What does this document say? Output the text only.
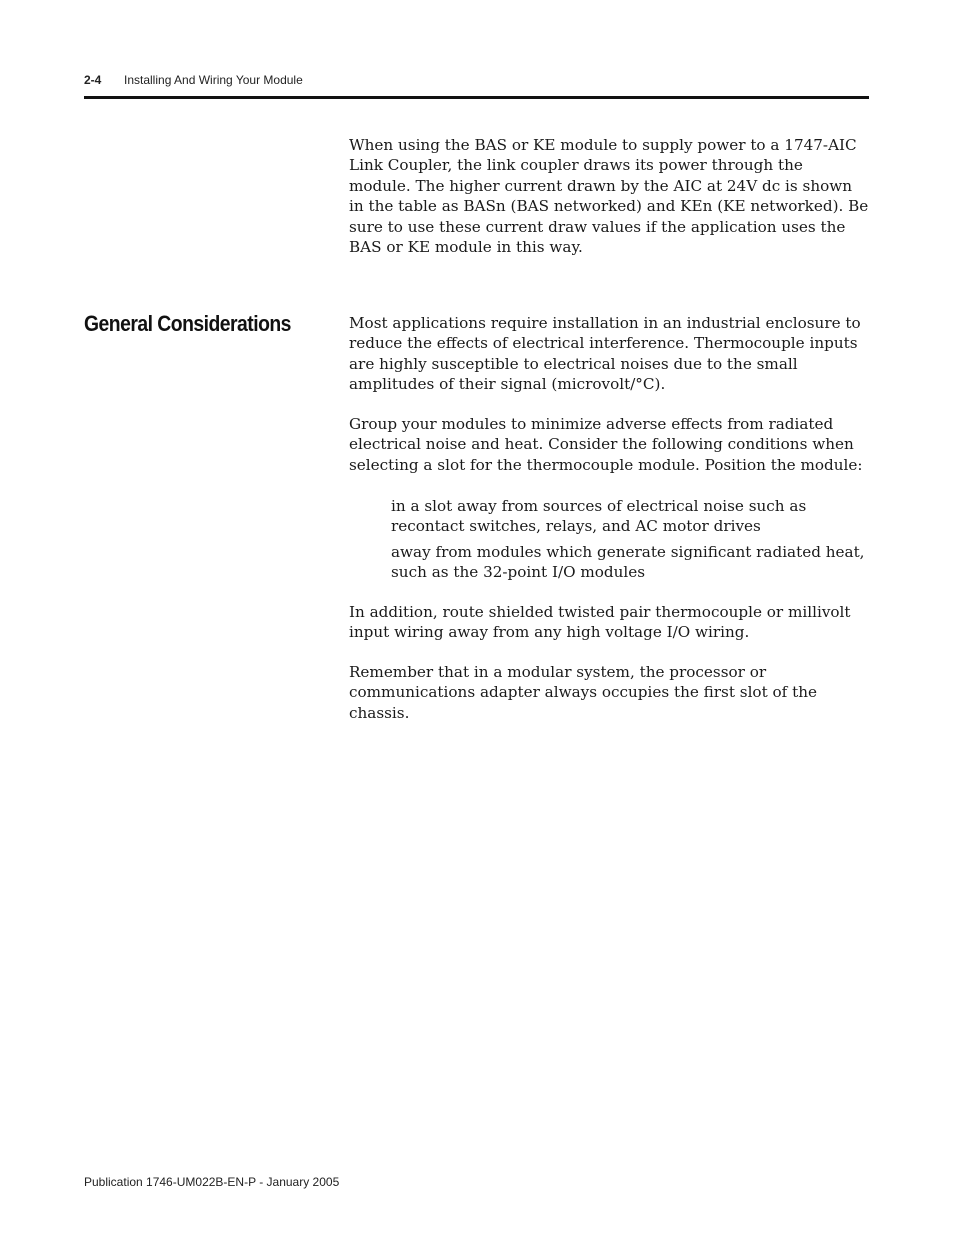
2-4 Installing And Wiring Your Module

When using the BAS or KE module to supply power to a 1747-AIC Link Coupler, the link coupler draws its power through the module. The higher current drawn by the AIC at 24V dc is shown in the table as BASn (BAS networked) and KEn (KE networked). Be sure to use these current draw values if the application uses the BAS or KE module in this way.

General Considerations	Most applications require installation in an industrial enclosure to reduce the effects of electrical interference. Thermocouple inputs are highly susceptible to electrical noises due to the small amplitudes of their signal (microvolt/°C).

Group your modules to minimize adverse effects from radiated electrical noise and heat. Consider the following conditions when selecting a slot for the thermocouple module. Position the module:

in a slot away from sources of electrical noise such as recontact switches, relays, and AC motor drives

away from modules which generate significant radiated heat, such as the 32-point I/O modules

In addition, route shielded twisted pair thermocouple or millivolt input wiring away from any high voltage I/O wiring.

Remember that in a modular system, the processor or communications adapter always occupies the first slot of the chassis.

Publication 1746-UM022B-EN-P - January 2005
